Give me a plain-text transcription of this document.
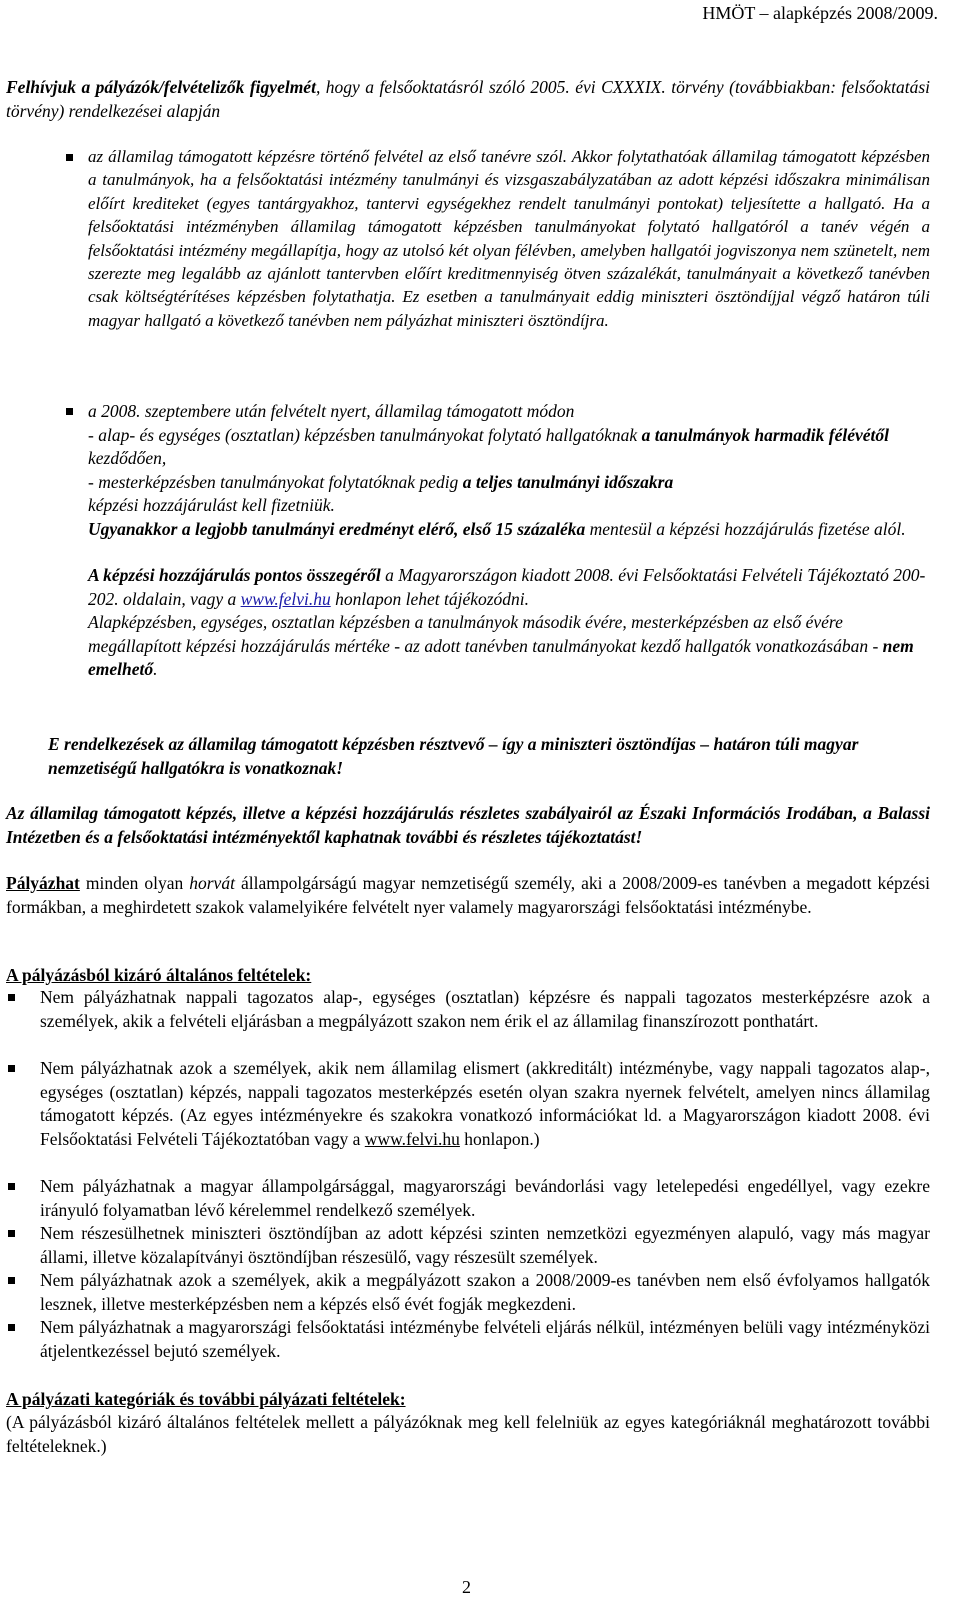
HMÖT – alapképzés 2008/2009.

Felhívjuk a pályázók/felvételizők figyelmét, hogy a felsőoktatásról szóló 2005. évi CXXXIX. törvény (továbbiakban: felsőoktatási törvény) rendelkezései alapján

az államilag támogatott képzésre történő felvétel az első tanévre szól. Akkor folytathatóak államilag támogatott képzésben a tanulmányok, ha a felsőoktatási intézmény tanulmányi és vizsgaszabályzatában az adott képzési időszakra minimálisan előírt krediteket (egyes tantárgyakhoz, tantervi egységekhez rendelt tanulmányi pontokat) teljesítette a hallgató. Ha a felsőoktatási intézményben államilag támogatott képzésben tanulmányokat folytató hallgatóról a tanév végén a felsőoktatási intézmény megállapítja, hogy az utolsó két olyan félévben, amelyben hallgatói jogviszonya nem szünetelt, nem szerezte meg legalább az ajánlott tantervben előírt kreditmennyiség ötven százalékát, tanulmányait a következő tanévben csak költségtérítéses képzésben folytathatja. Ez esetben a tanulmányait eddig miniszteri ösztöndíjjal végző határon túli magyar hallgató a következő tanévben nem pályázhat miniszteri ösztöndíjra.

a 2008. szeptembere után felvételt nyert, államilag támogatott módon
- alap- és egységes (osztatlan) képzésben tanulmányokat folytató hallgatóknak a tanulmányok harmadik félévétől kezdődően,
- mesterképzésben tanulmányokat folytatóknak pedig a teljes tanulmányi időszakra
képzési hozzájárulást kell fizetniük.
Ugyanakkor a legjobb tanulmányi eredményt elérő, első 15 százaléka mentesül a képzési hozzájárulás fizetése alól.
A képzési hozzájárulás pontos összegéről a Magyarországon kiadott 2008. évi Felsőoktatási Felvételi Tájékoztató 200-202. oldalain, vagy a www.felvi.hu honlapon lehet tájékozódni.
Alapképzésben, egységes, osztatlan képzésben a tanulmányok második évére, mesterképzésben az első évére megállapított képzési hozzájárulás mértéke - az adott tanévben tanulmányokat kezdő hallgatók vonatkozásában - nem emelhető.

E rendelkezések az államilag támogatott képzésben résztvevő – így a miniszteri ösztöndíjas – határon túli magyar nemzetiségű hallgatókra is vonatkoznak!

Az államilag támogatott képzés, illetve a képzési hozzájárulás részletes szabályairól az Északi Információs Irodában, a Balassi Intézetben és a felsőoktatási intézményektől kaphatnak további és részletes tájékoztatást!

Pályázhat minden olyan horvát állampolgárságú magyar nemzetiségű személy, aki a 2008/2009-es tanévben a megadott képzési formákban, a meghirdetett szakok valamelyikére felvételt nyer valamely magyarországi felsőoktatási intézménybe.

A pályázásból kizáró általános feltételek:

Nem pályázhatnak nappali tagozatos alap-, egységes (osztatlan) képzésre és nappali tagozatos mesterképzésre azok a személyek, akik a felvételi eljárásban a megpályázott szakon nem érik el az államilag finanszírozott ponthatárt.

Nem pályázhatnak azok a személyek, akik nem államilag elismert (akkreditált) intézménybe, vagy nappali tagozatos alap-, egységes (osztatlan) képzés, nappali tagozatos mesterképzés esetén olyan szakra nyernek felvételt, amelyen nincs államilag támogatott képzés. (Az egyes intézményekre és szakokra vonatkozó információkat ld. a Magyarországon kiadott 2008. évi Felsőoktatási Felvételi Tájékoztatóban vagy a www.felvi.hu honlapon.)

Nem pályázhatnak a magyar állampolgársággal, magyarországi bevándorlási vagy letelepedési engedéllyel, vagy ezekre irányuló folyamatban lévő kérelemmel rendelkező személyek.

Nem részesülhetnek miniszteri ösztöndíjban az adott képzési szinten nemzetközi egyezményen alapuló, vagy más magyar állami, illetve közalapítványi ösztöndíjban részesülő, vagy részesült személyek.

Nem pályázhatnak azok a személyek, akik a megpályázott szakon a 2008/2009-es tanévben nem első évfolyamos hallgatók lesznek, illetve mesterképzésben nem a képzés első évét fogják megkezdeni.

Nem pályázhatnak a magyarországi felsőoktatási intézménybe felvételi eljárás nélkül, intézményen belüli vagy intézményközi átjelentkezéssel bejutó személyek.

A pályázati kategóriák és további pályázati feltételek:

(A pályázásból kizáró általános feltételek mellett a pályázóknak meg kell felelniük az egyes kategóriáknál meghatározott további feltételeknek.)

2
